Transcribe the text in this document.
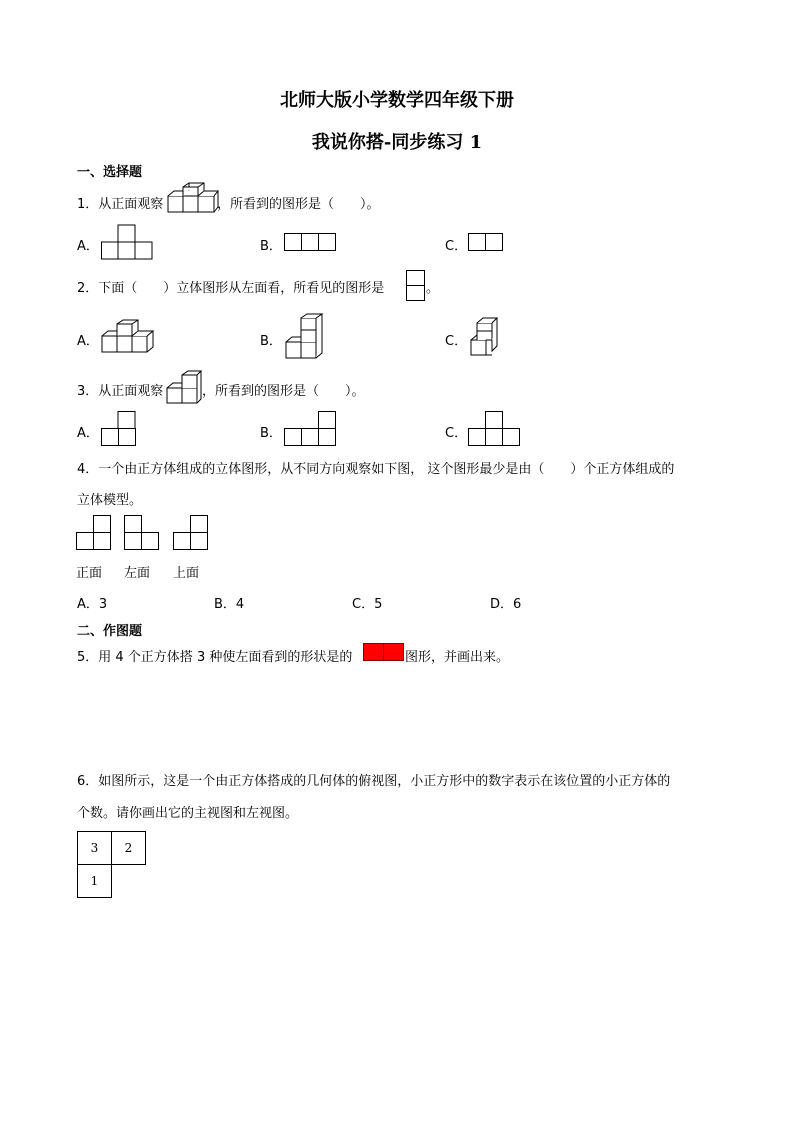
北师大版小学数学四年级下册
我说你搭-同步练习 1
一、选择题
1．从正面观察	，所看到的图形是（　　）。
A．	B．	C．
2．下面（　　）立体图形从左面看，所看见的图形是	。
A．	B．	C．
3．从正面观察	，所看到的图形是（　　）。
A．	B．	C．
4．一个由正方体组成的立体图形，从不同方向观察如下图， 这个图形最少是由（　　）个正方体组成的
立体模型。
正面 左面 上面
A．3	B．4	C．5	D．6
二、作图题
5．用 4 个正方体搭 3 种使左面看到的形状是的	图形，并画出来。
6．如图所示，这是一个由正方体搭成的几何体的俯视图，小正方形中的数字表示在该位置的小正方体的
个数。请你画出它的主视图和左视图。
3	2
1	
